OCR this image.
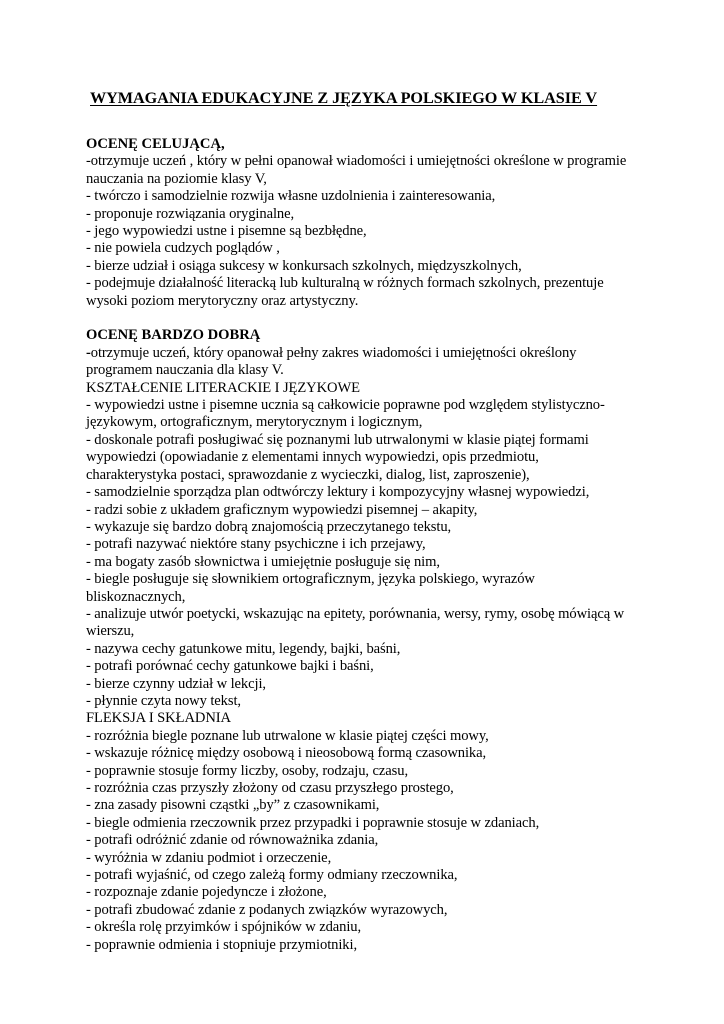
WYMAGANIA EDUKACYJNE Z JĘZYKA POLSKIEGO W KLASIE V

OCENĘ CELUJĄCĄ,

-otrzymuje uczeń , który w pełni opanował wiadomości i umiejętności określone w programie

nauczania na poziomie klasy V,

- twórczo i samodzielnie rozwija własne uzdolnienia i zainteresowania,

- proponuje rozwiązania oryginalne,

- jego wypowiedzi ustne i pisemne są bezbłędne,

- nie powiela cudzych poglądów ,

- bierze udział i osiąga sukcesy w konkursach szkolnych, międzyszkolnych,

- podejmuje działalność literacką lub kulturalną w różnych formach szkolnych, prezentuje

wysoki poziom merytoryczny oraz artystyczny.

OCENĘ BARDZO DOBRĄ

-otrzymuje uczeń, który opanował pełny zakres wiadomości i umiejętności określony

programem nauczania dla klasy V.

KSZTAŁCENIE LITERACKIE I JĘZYKOWE

- wypowiedzi ustne i pisemne ucznia są całkowicie poprawne pod względem stylistyczno-

językowym, ortograficznym, merytorycznym i logicznym,

- doskonale potrafi posługiwać się poznanymi lub utrwalonymi w klasie piątej formami

wypowiedzi (opowiadanie z elementami innych wypowiedzi, opis przedmiotu,

charakterystyka postaci, sprawozdanie z wycieczki, dialog, list, zaproszenie),

- samodzielnie sporządza plan odtwórczy lektury i kompozycyjny własnej wypowiedzi,

- radzi sobie z układem graficznym wypowiedzi pisemnej – akapity,

- wykazuje się bardzo dobrą znajomością przeczytanego tekstu,

- potrafi nazywać niektóre stany psychiczne i ich przejawy,

- ma bogaty zasób słownictwa i umiejętnie posługuje się nim,

- biegle posługuje się słownikiem ortograficznym, języka polskiego, wyrazów

bliskoznacznych,

- analizuje utwór poetycki, wskazując na epitety, porównania, wersy, rymy, osobę mówiącą w

wierszu,

- nazywa cechy gatunkowe mitu, legendy, bajki, baśni,

- potrafi porównać cechy gatunkowe bajki i baśni,

- bierze czynny udział w lekcji,

- płynnie czyta nowy tekst,

FLEKSJA I SKŁADNIA

- rozróżnia biegle poznane lub utrwalone w klasie piątej części mowy,

- wskazuje różnicę między osobową i nieosobową formą czasownika,

- poprawnie stosuje formy liczby, osoby, rodzaju, czasu,

- rozróżnia czas przyszły złożony od czasu przyszłego prostego,

- zna zasady pisowni cząstki „by” z czasownikami,

- biegle odmienia rzeczownik przez przypadki i poprawnie stosuje w zdaniach,

- potrafi odróżnić zdanie od równoważnika zdania,

- wyróżnia w zdaniu podmiot i orzeczenie,

- potrafi wyjaśnić, od czego zależą formy odmiany rzeczownika,

- rozpoznaje zdanie pojedyncze i złożone,

- potrafi zbudować zdanie z podanych związków wyrazowych,

- określa rolę przyimków i spójników w zdaniu,

- poprawnie odmienia i stopniuje przymiotniki,
